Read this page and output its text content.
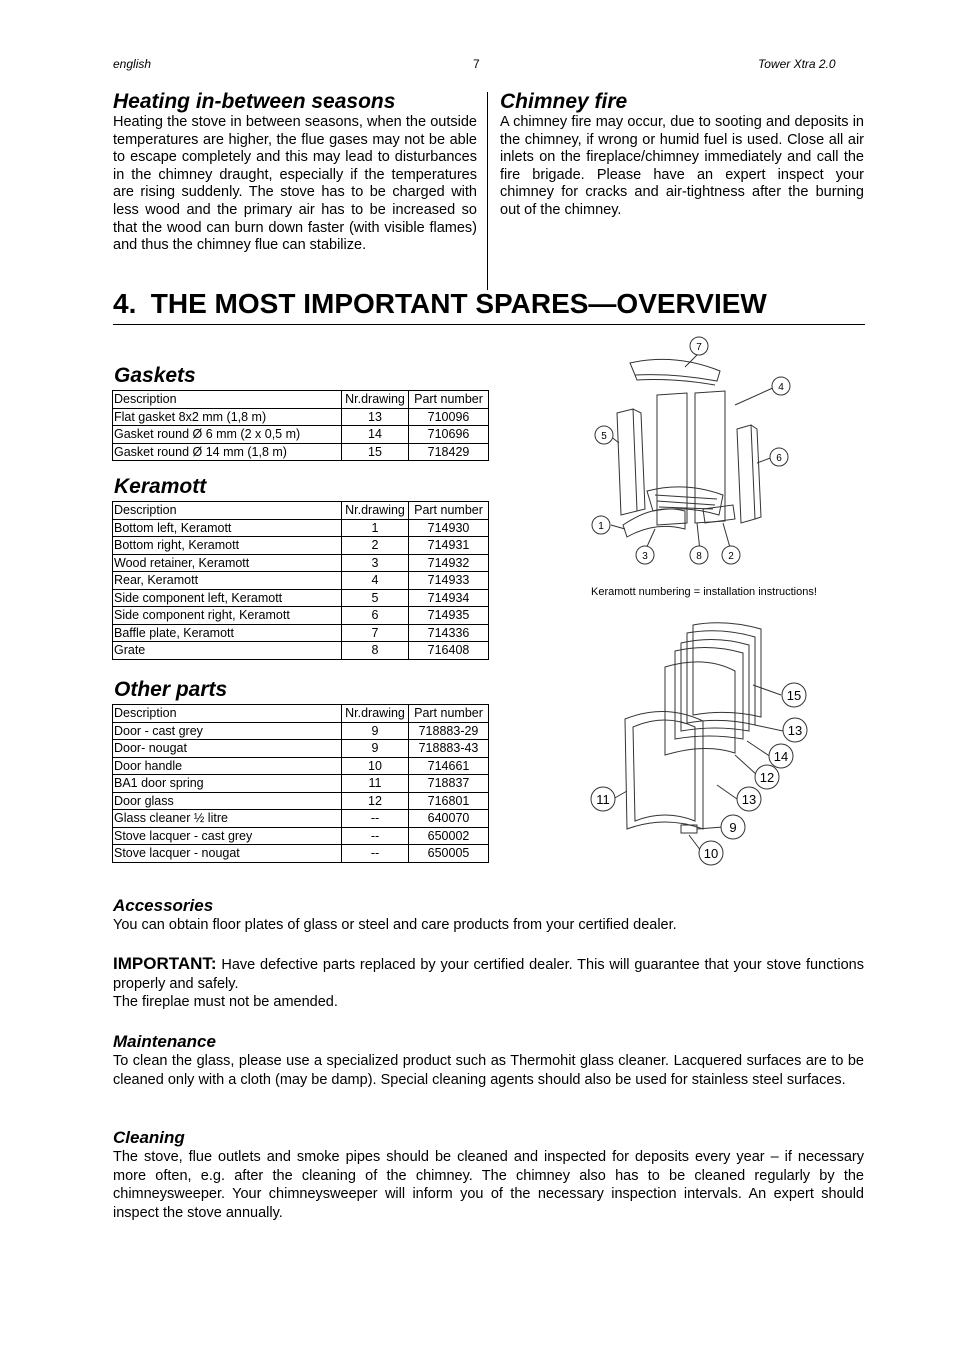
english	7	Tower Xtra 2.0
Heating in-between seasons
Heating the stove in between seasons, when the outside temperatures are higher, the flue gases may not be able to escape completely and this may lead to disturbances in the chimney draught, especially if the temperatures are rising suddenly. The stove has to be charged with less wood and the primary air has to be increased so that the wood can burn down faster (with visible flames) and thus the chimney flue can stabilize.
Chimney fire
A chimney fire may occur, due to sooting and deposits in the chimney, if wrong or humid fuel is used. Close all air inlets on the fireplace/chimney immediately and call the fire brigade. Please have an expert inspect your chimney for cracks and air-tightness after the burning out of the chimney.
4. THE MOST IMPORTANT SPARES—OVERVIEW
Gaskets
Description	Nr.drawing	Part number
Flat gasket 8x2 mm (1,8 m)	13	710096
Gasket round Ø 6 mm (2 x 0,5 m)	14	710696
Gasket round Ø 14 mm (1,8 m)	15	718429
Keramott
Description	Nr.drawing	Part number
Bottom left, Keramott	1	714930
Bottom right, Keramott	2	714931
Wood retainer, Keramott	3	714932
Rear, Keramott	4	714933
Side component left, Keramott	5	714934
Side component right, Keramott	6	714935
Baffle plate, Keramott	7	714336
Grate	8	716408
Other parts
Description	Nr.drawing	Part number
Door - cast grey	9	718883-29
Door- nougat	9	718883-43
Door handle	10	714661
BA1 door spring	11	718837
Door glass	12	716801
Glass cleaner ½ litre	--	640070
Stove lacquer - cast grey	--	650002
Stove lacquer - nougat	--	650005
7
4
5
6
1
3	8	2
Keramott numbering = installation instructions!
15
13
14
12
13
11
9
10
Accessories
You can obtain floor plates of glass or steel and care products from your certified dealer.
IMPORTANT: Have defective parts replaced by your certified dealer. This will guarantee that your stove functions properly and safely.
The fireplae must not be amended.
Maintenance
To clean the glass, please use a specialized product such as Thermohit glass cleaner. Lacquered surfaces are to be cleaned only with a cloth (may be damp). Special cleaning agents should also be used for stainless steel surfaces.
Cleaning
The stove, flue outlets and smoke pipes should be cleaned and inspected for deposits every year – if necessary more often, e.g. after the cleaning of the chimney. The chimney also has to be cleaned regularly by the chimneysweeper. Your chimneysweeper will inform you of the necessary inspection intervals. An expert should inspect the stove annually.
